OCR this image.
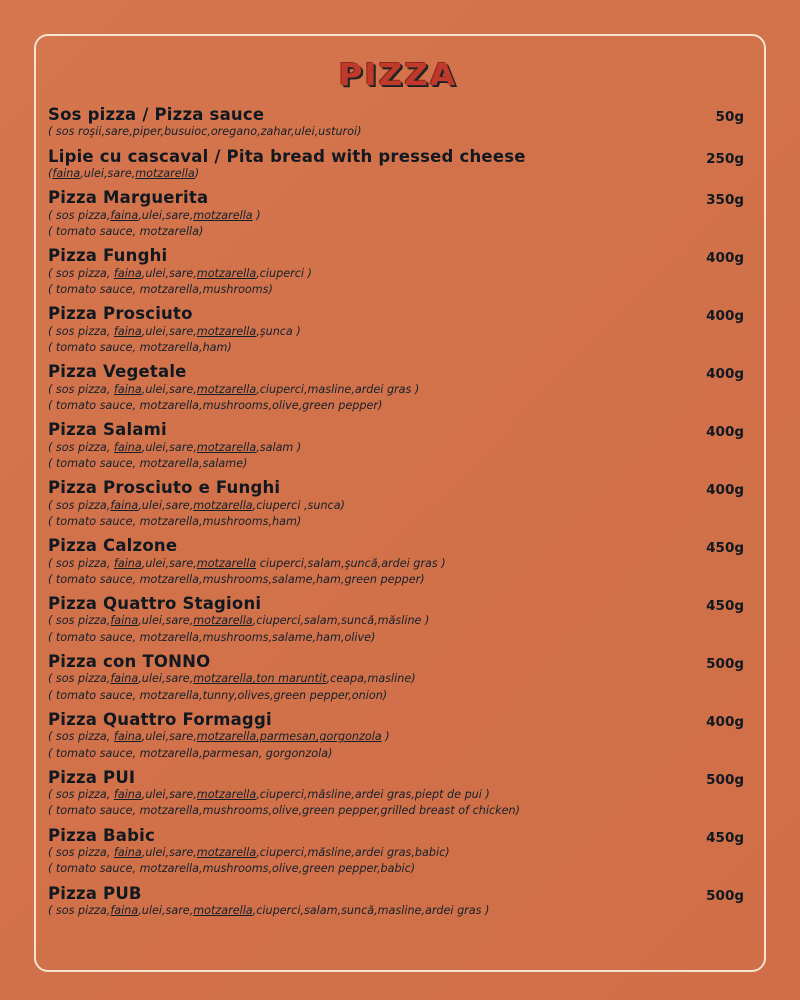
PIZZA
Sos pizza / Pizza sauce
( sos roşii,sare,piper,busuioc,oregano,zahar,ulei,usturoi)	50g

Lipie cu cascaval / Pita bread with pressed cheese
(faina,ulei,sare,motzarella)	250g

Pizza Marguerita
( sos pizza,faina,ulei,sare,motzarella )
( tomato sauce, motzarella)	350g

Pizza Funghi
( sos pizza, faina,ulei,sare,motzarella,ciuperci )
( tomato sauce, motzarella,mushrooms)	400g

Pizza Prosciuto
( sos pizza, faina,ulei,sare,motzarella,şunca )
( tomato sauce, motzarella,ham)	400g

Pizza Vegetale
( sos pizza, faina,ulei,sare,motzarella,ciuperci,masline,ardei gras )
( tomato sauce, motzarella,mushrooms,olive,green pepper)	400g

Pizza Salami
( sos pizza, faina,ulei,sare,motzarella,salam )
( tomato sauce, motzarella,salame)	400g

Pizza Prosciuto e Funghi
( sos pizza,faina,ulei,sare,motzarella,ciuperci ,sunca)
( tomato sauce, motzarella,mushrooms,ham)	400g

Pizza Calzone
( sos pizza, faina,ulei,sare,motzarella ciuperci,salam,şuncă,ardei gras )
( tomato sauce, motzarella,mushrooms,salame,ham,green pepper)	450g

Pizza Quattro Stagioni
( sos pizza,faina,ulei,sare,motzarella,ciuperci,salam,suncă,măsline )
( tomato sauce, motzarella,mushrooms,salame,ham,olive)	450g

Pizza con TONNO
( sos pizza,faina,ulei,sare,motzarella,ton maruntit,ceapa,masline)
( tomato sauce, motzarella,tunny,olives,green pepper,onion)	500g

Pizza Quattro Formaggi
( sos pizza, faina,ulei,sare,motzarella,parmesan,gorgonzola )
( tomato sauce, motzarella,parmesan, gorgonzola)	400g

Pizza PUI
( sos pizza, faina,ulei,sare,motzarella,ciuperci,măsline,ardei gras,piept de pui )
( tomato sauce, motzarella,mushrooms,olive,green pepper,grilled breast of chicken)	500g

Pizza Babic
( sos pizza, faina,ulei,sare,motzarella,ciuperci,măsline,ardei gras,babic)
( tomato sauce, motzarella,mushrooms,olive,green pepper,babic)	450g

Pizza PUB
( sos pizza,faina,ulei,sare,motzarella,ciuperci,salam,suncă,masline,ardei gras )	500g
